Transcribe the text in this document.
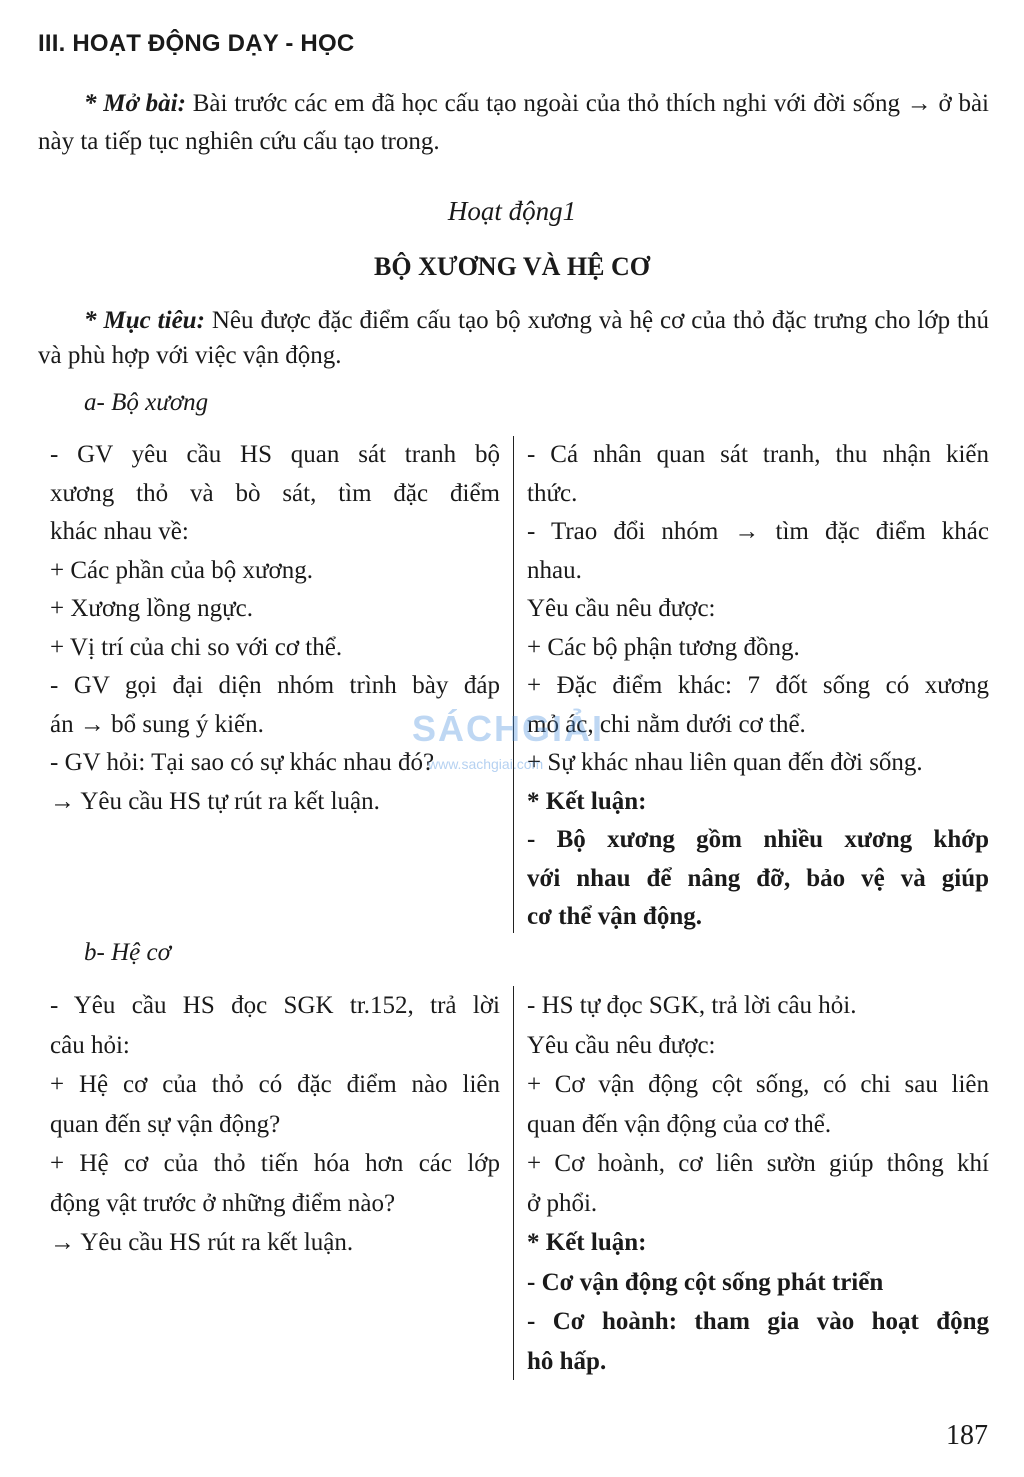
III. HOẠT ĐỘNG DẠY - HỌC
* Mở bài: Bài trước các em đã học cấu tạo ngoài của thỏ thích nghi với đời sống → ở bài này ta tiếp tục nghiên cứu cấu tạo trong.
Hoạt động1
BỘ XƯƠNG VÀ HỆ CƠ
* Mục tiêu: Nêu được đặc điểm cấu tạo bộ xương và hệ cơ của thỏ đặc trưng cho lớp thú và phù hợp với việc vận động.
a- Bộ xương
- GV yêu cầu HS quan sát tranh bộ
xương thỏ và bò sát, tìm đặc điểm
khác nhau về:
+ Các phần của bộ xương.
+ Xương lồng ngực.
+ Vị trí của chi so với cơ thể.
- GV gọi đại diện nhóm trình bày đáp
án → bổ sung ý kiến.
- GV hỏi: Tại sao có sự khác nhau đó?
→ Yêu cầu HS tự rút ra kết luận.
- Cá nhân quan sát tranh, thu nhận kiến
thức.
- Trao đổi nhóm → tìm đặc điểm khác
nhau.
Yêu cầu nêu được:
+ Các bộ phận tương đồng.
+ Đặc điểm khác: 7 đốt sống có xương
mỏ ác, chi nằm dưới cơ thể.
+ Sự khác nhau liên quan đến đời sống.
* Kết luận:
- Bộ xương gồm nhiều xương khớp
với nhau để nâng đỡ, bảo vệ và giúp
cơ thể vận động.
SÁCHGIẢI
www.sachgiai.com
b- Hệ cơ
- Yêu cầu HS đọc SGK tr.152, trả lời
câu hỏi:
+ Hệ cơ của thỏ có đặc điểm nào liên
quan đến sự vận động?
+ Hệ cơ của thỏ tiến hóa hơn các lớp
động vật trước ở những điểm nào?
→ Yêu cầu HS rút ra kết luận.
- HS tự đọc SGK, trả lời câu hỏi.
Yêu cầu nêu được:
+ Cơ vận động cột sống, có chi sau liên
quan đến vận động của cơ thể.
+ Cơ hoành, cơ liên sườn giúp thông khí
ở phổi.
* Kết luận:
- Cơ vận động cột sống phát triển
- Cơ hoành: tham gia vào hoạt động
hô hấp.
187
